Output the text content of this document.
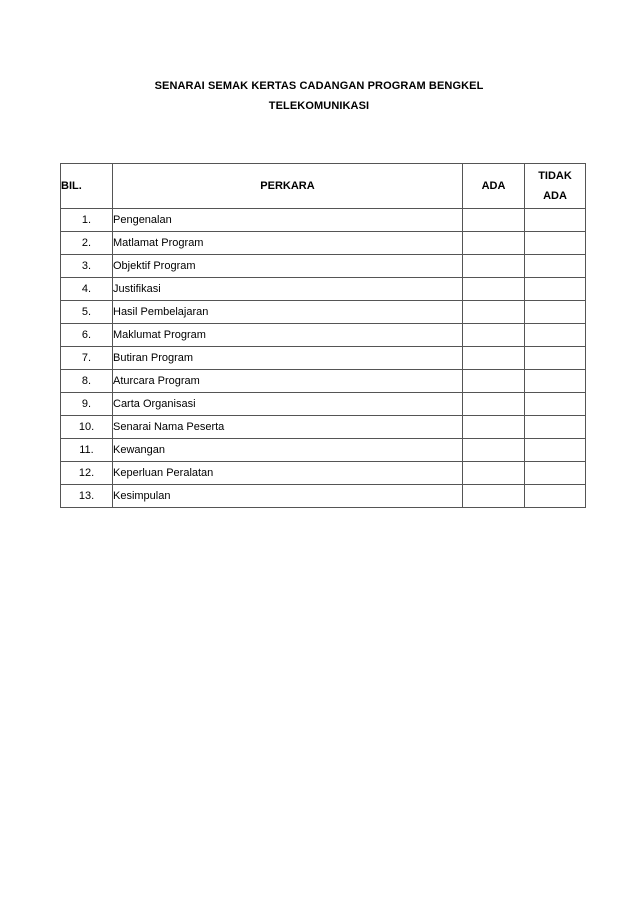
SENARAI SEMAK KERTAS CADANGAN PROGRAM BENGKEL
TELEKOMUNIKASI
BIL.	PERKARA	ADA	TIDAK
ADA

1.	Pengenalan		
2.	Matlamat Program		
3.	Objektif Program		
4.	Justifikasi		
5.	Hasil Pembelajaran		
6.	Maklumat Program		
7.	Butiran Program		
8.	Aturcara Program		
9.	Carta Organisasi		
10.	Senarai Nama Peserta		
11.	Kewangan		
12.	Keperluan Peralatan		
13.	Kesimpulan		
